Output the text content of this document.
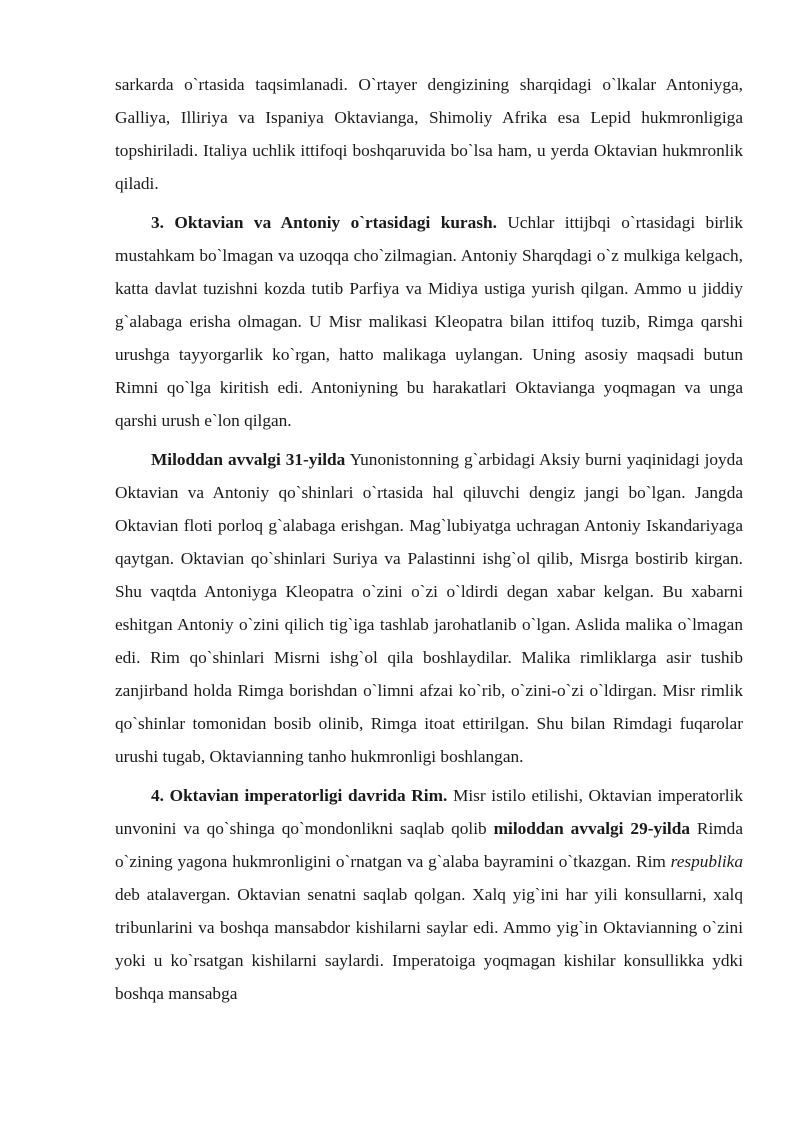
sarkarda o`rtasida taqsimlanadi. O`rtayer dengizining sharqidagi o`lkalar Antoniyga, Galliya, Illiriya va Ispaniya Oktavianga, Shimoliy Afrika esa Lepid hukmronligiga topshiriladi. Italiya uchlik ittifoqi boshqaruvida bo`lsa ham, u yerda Oktavian hukmronlik qiladi.

3. Oktavian va Antoniy o`rtasidagi kurash. Uchlar ittijbqi o`rtasidagi birlik mustahkam bo`lmagan va uzoqqa cho`zilmagian. Antoniy Sharqdagi o`z mulkiga kelgach, katta davlat tuzishni kozda tutib Parfiya va Midiya ustiga yurish qilgan. Ammo u jiddiy g`alabaga erisha olmagan. U Misr malikasi Kleopatra bilan ittifoq tuzib, Rimga qarshi urushga tayyorgarlik ko`rgan, hatto malikaga uylangan. Uning asosiy maqsadi butun Rimni qo`lga kiritish edi. Antoniyning bu harakatlari Oktavianga yoqmagan va unga qarshi urush e`lon qilgan.

Miloddan avvalgi 31-yilda Yunonistonning g`arbidagi Aksiy burni yaqinidagi joyda Oktavian va Antoniy qo`shinlari o`rtasida hal qiluvchi dengiz jangi bo`lgan. Jangda Oktavian floti porloq g`alabaga erishgan. Mag`lubiyatga uchragan Antoniy Iskandariyaga qaytgan. Oktavian qo`shinlari Suriya va Palastinni ishg`ol qilib, Misrga bostirib kirgan. Shu vaqtda Antoniyga Kleopatra o`zini o`zi o`ldirdi degan xabar kelgan. Bu xabarni eshitgan Antoniy o`zini qilich tig`iga tashlab jarohatlanib o`lgan. Aslida malika o`lmagan edi. Rim qo`shinlari Misrni ishg`ol qila boshlaydilar. Malika rimliklarga asir tushib zanjirband holda Rimga borishdan o`limni afzai ko`rib, o`zini-o`zi o`ldirgan. Misr rimlik qo`shinlar tomonidan bosib olinib, Rimga itoat ettirilgan. Shu bilan Rimdagi fuqarolar urushi tugab, Oktavianning tanho hukmronligi boshlangan.

4. Oktavian imperatorligi davrida Rim. Misr istilo etilishi, Oktavian imperatorlik unvonini va qo`shinga qo`mondonlikni saqlab qolib miloddan avvalgi 29-yilda Rimda o`zining yagona hukmronligini o`rnatgan va g`alaba bayramini o`tkazgan. Rim respublika deb atalavergan. Oktavian senatni saqlab qolgan. Xalq yig`ini har yili konsullarni, xalq tribunlarini va boshqa mansabdor kishilarni saylar edi. Ammo yig`in Oktavianning o`zini yoki u ko`rsatgan kishilarni saylardi. Imperatoiga yoqmagan kishilar konsullikka ydki boshqa mansabga
